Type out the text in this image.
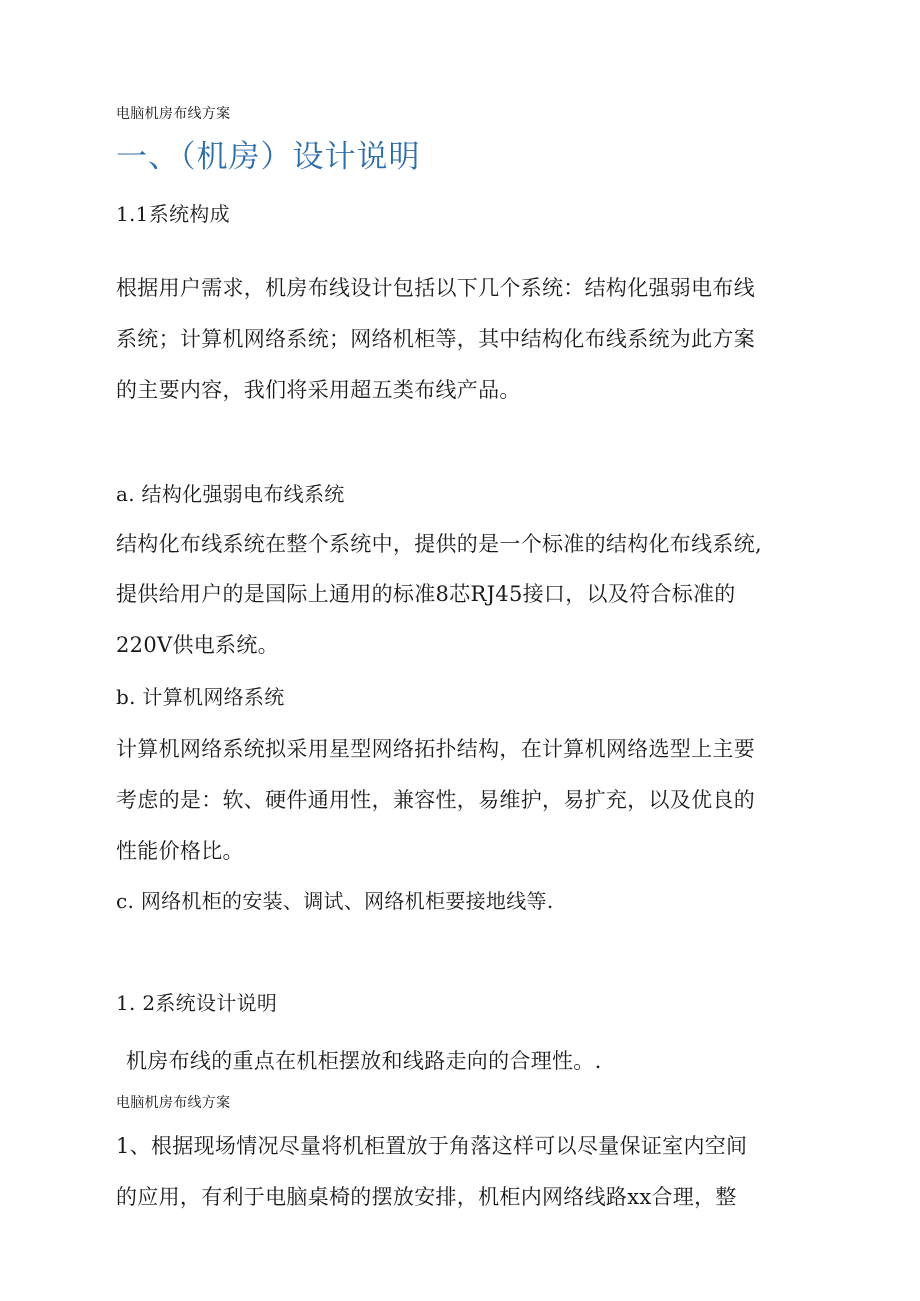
电脑机房布线方案
一、（机房）设计说明
1.1系统构成
根据用户需求，机房布线设计包括以下几个系统：结构化强弱电布线
系统；计算机网络系统；网络机柜等，其中结构化布线系统为此方案
的主要内容，我们将采用超五类布线产品。
a. 结构化强弱电布线系统
结构化布线系统在整个系统中，提供的是一个标准的结构化布线系统,
提供给用户的是国际上通用的标准8芯RJ45接口，以及符合标准的
220V供电系统。
b. 计算机网络系统
计算机网络系统拟采用星型网络拓扑结构，在计算机网络选型上主要
考虑的是：软、硬件通用性，兼容性，易维护，易扩充，以及优良的
性能价格比。
c. 网络机柜的安装、调试、网络机柜要接地线等.
1. 2系统设计说明
机房布线的重点在机柜摆放和线路走向的合理性。.
电脑机房布线方案
1、根据现场情况尽量将机柜置放于角落这样可以尽量保证室内空间
的应用，有利于电脑桌椅的摆放安排，机柜内网络线路xx合理，整
